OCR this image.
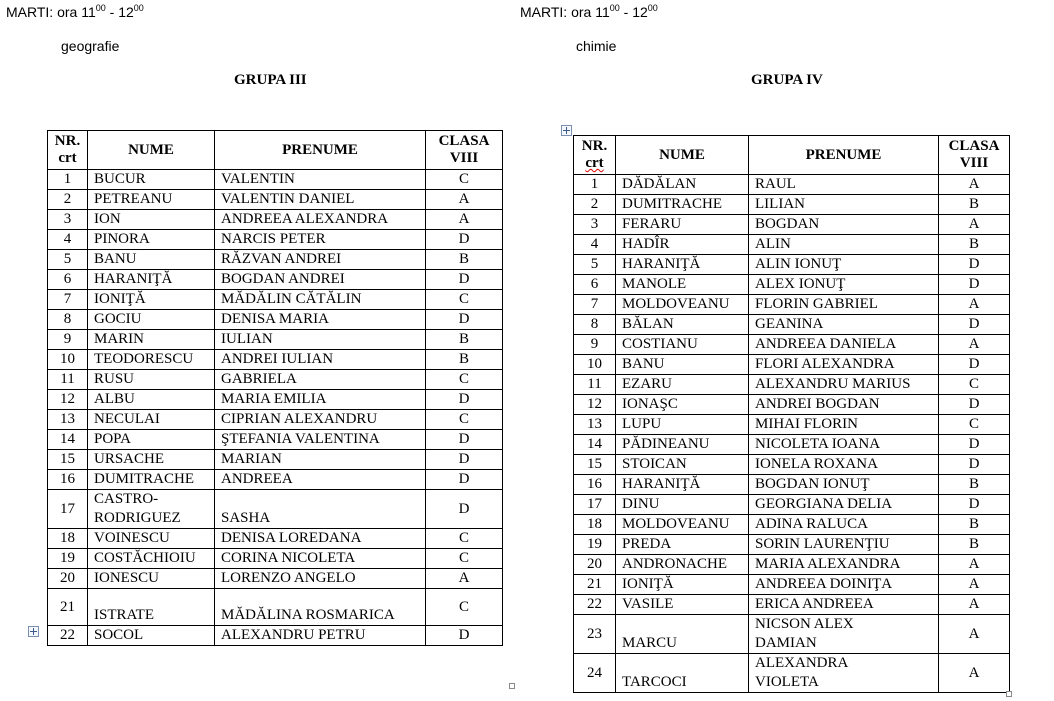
MARTI: ora $11^{00} - 12^{00}$
geografie
GRUPA III
NR.
crt	NUME	PRENUME	CLASA
VIII
1	BUCUR	VALENTIN	C
2	PETREANU	VALENTIN DANIEL	A
3	ION	ANDREEA ALEXANDRA	A
4	PINORA	NARCIS PETER	D
5	BANU	RĂZVAN ANDREI	B
6	HARANIŢĂ	BOGDAN ANDREI	D
7	IONIŢĂ	MĂDĂLIN CĂTĂLIN	C
8	GOCIU	DENISA MARIA	D
9	MARIN	IULIAN	B
10	TEODORESCU	ANDREI IULIAN	B
11	RUSU	GABRIELA	C
12	ALBU	MARIA EMILIA	D
13	NECULAI	CIPRIAN ALEXANDRU	C
14	POPA	ŞTEFANIA VALENTINA	D
15	URSACHE	MARIAN	D
16	DUMITRACHE	ANDREEA	D
17	CASTRO-
RODRIGUEZ	SASHA	D
18	VOINESCU	DENISA LOREDANA	C
19	COSTĂCHIOIU	CORINA NICOLETA	C
20	IONESCU	LORENZO ANGELO	A
21	ISTRATE	MĂDĂLINA ROSMARICA	C
22	SOCOL	ALEXANDRU PETRU	D
MARTI: ora $11^{00} - 12^{00}$
chimie
GRUPA IV
NR.
crt	NUME	PRENUME	CLASA
VIII
1	DĂDĂLAN	RAUL	A
2	DUMITRACHE	LILIAN	B
3	FERARU	BOGDAN	A
4	HADÎR	ALIN	B
5	HARANIŢĂ	ALIN IONUŢ	D
6	MANOLE	ALEX IONUŢ	D
7	MOLDOVEANU	FLORIN GABRIEL	A
8	BĂLAN	GEANINA	D
9	COSTIANU	ANDREEA DANIELA	A
10	BANU	FLORI ALEXANDRA	D
11	EZARU	ALEXANDRU MARIUS	C
12	IONAŞC	ANDREI BOGDAN	D
13	LUPU	MIHAI FLORIN	C
14	PĂDINEANU	NICOLETA IOANA	D
15	STOICAN	IONELA ROXANA	D
16	HARANIŢĂ	BOGDAN IONUŢ	B
17	DINU	GEORGIANA DELIA	D
18	MOLDOVEANU	ADINA RALUCA	B
19	PREDA	SORIN LAURENŢIU	B
20	ANDRONACHE	MARIA ALEXANDRA	A
21	IONIŢĂ	ANDREEA DOINIŢA	A
22	VASILE	ERICA ANDREEA	A
23	MARCU	NICSON ALEX
DAMIAN	A
24	TARCOCI	ALEXANDRA
VIOLETA	A
